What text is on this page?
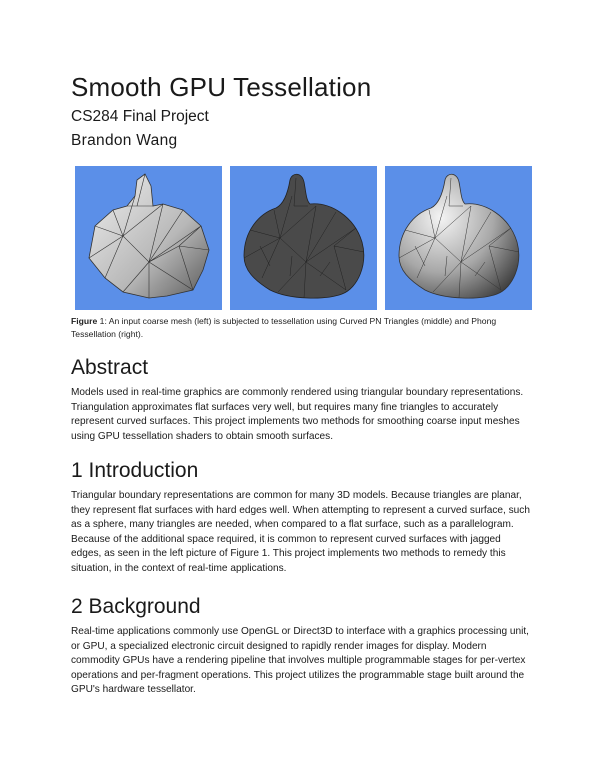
Smooth GPU Tessellation

CS284 Final Project

Brandon Wang

Figure 1: An input coarse mesh (left) is subjected to tessellation using Curved PN Triangles (middle) and Phong Tessellation (right).

Abstract

Models used in real-time graphics are commonly rendered using triangular boundary representations. Triangulation approximates flat surfaces very well, but requires many fine triangles to accurately represent curved surfaces. This project implements two methods for smoothing coarse input meshes using GPU tessellation shaders to obtain smooth surfaces.

1 Introduction

Triangular boundary representations are common for many 3D models. Because triangles are planar, they represent flat surfaces with hard edges well. When attempting to represent a curved surface, such as a sphere, many triangles are needed, when compared to a flat surface, such as a parallelogram. Because of the additional space required, it is common to represent curved surfaces with jagged edges, as seen in the left picture of Figure 1. This project implements two methods to remedy this situation, in the context of real-time applications.

2 Background

Real-time applications commonly use OpenGL or Direct3D to interface with a graphics processing unit, or GPU, a specialized electronic circuit designed to rapidly render images for display. Modern commodity GPUs have a rendering pipeline that involves multiple programmable stages for per-vertex operations and per-fragment operations. This project utilizes the programmable stage built around the GPU's hardware tessellator.
